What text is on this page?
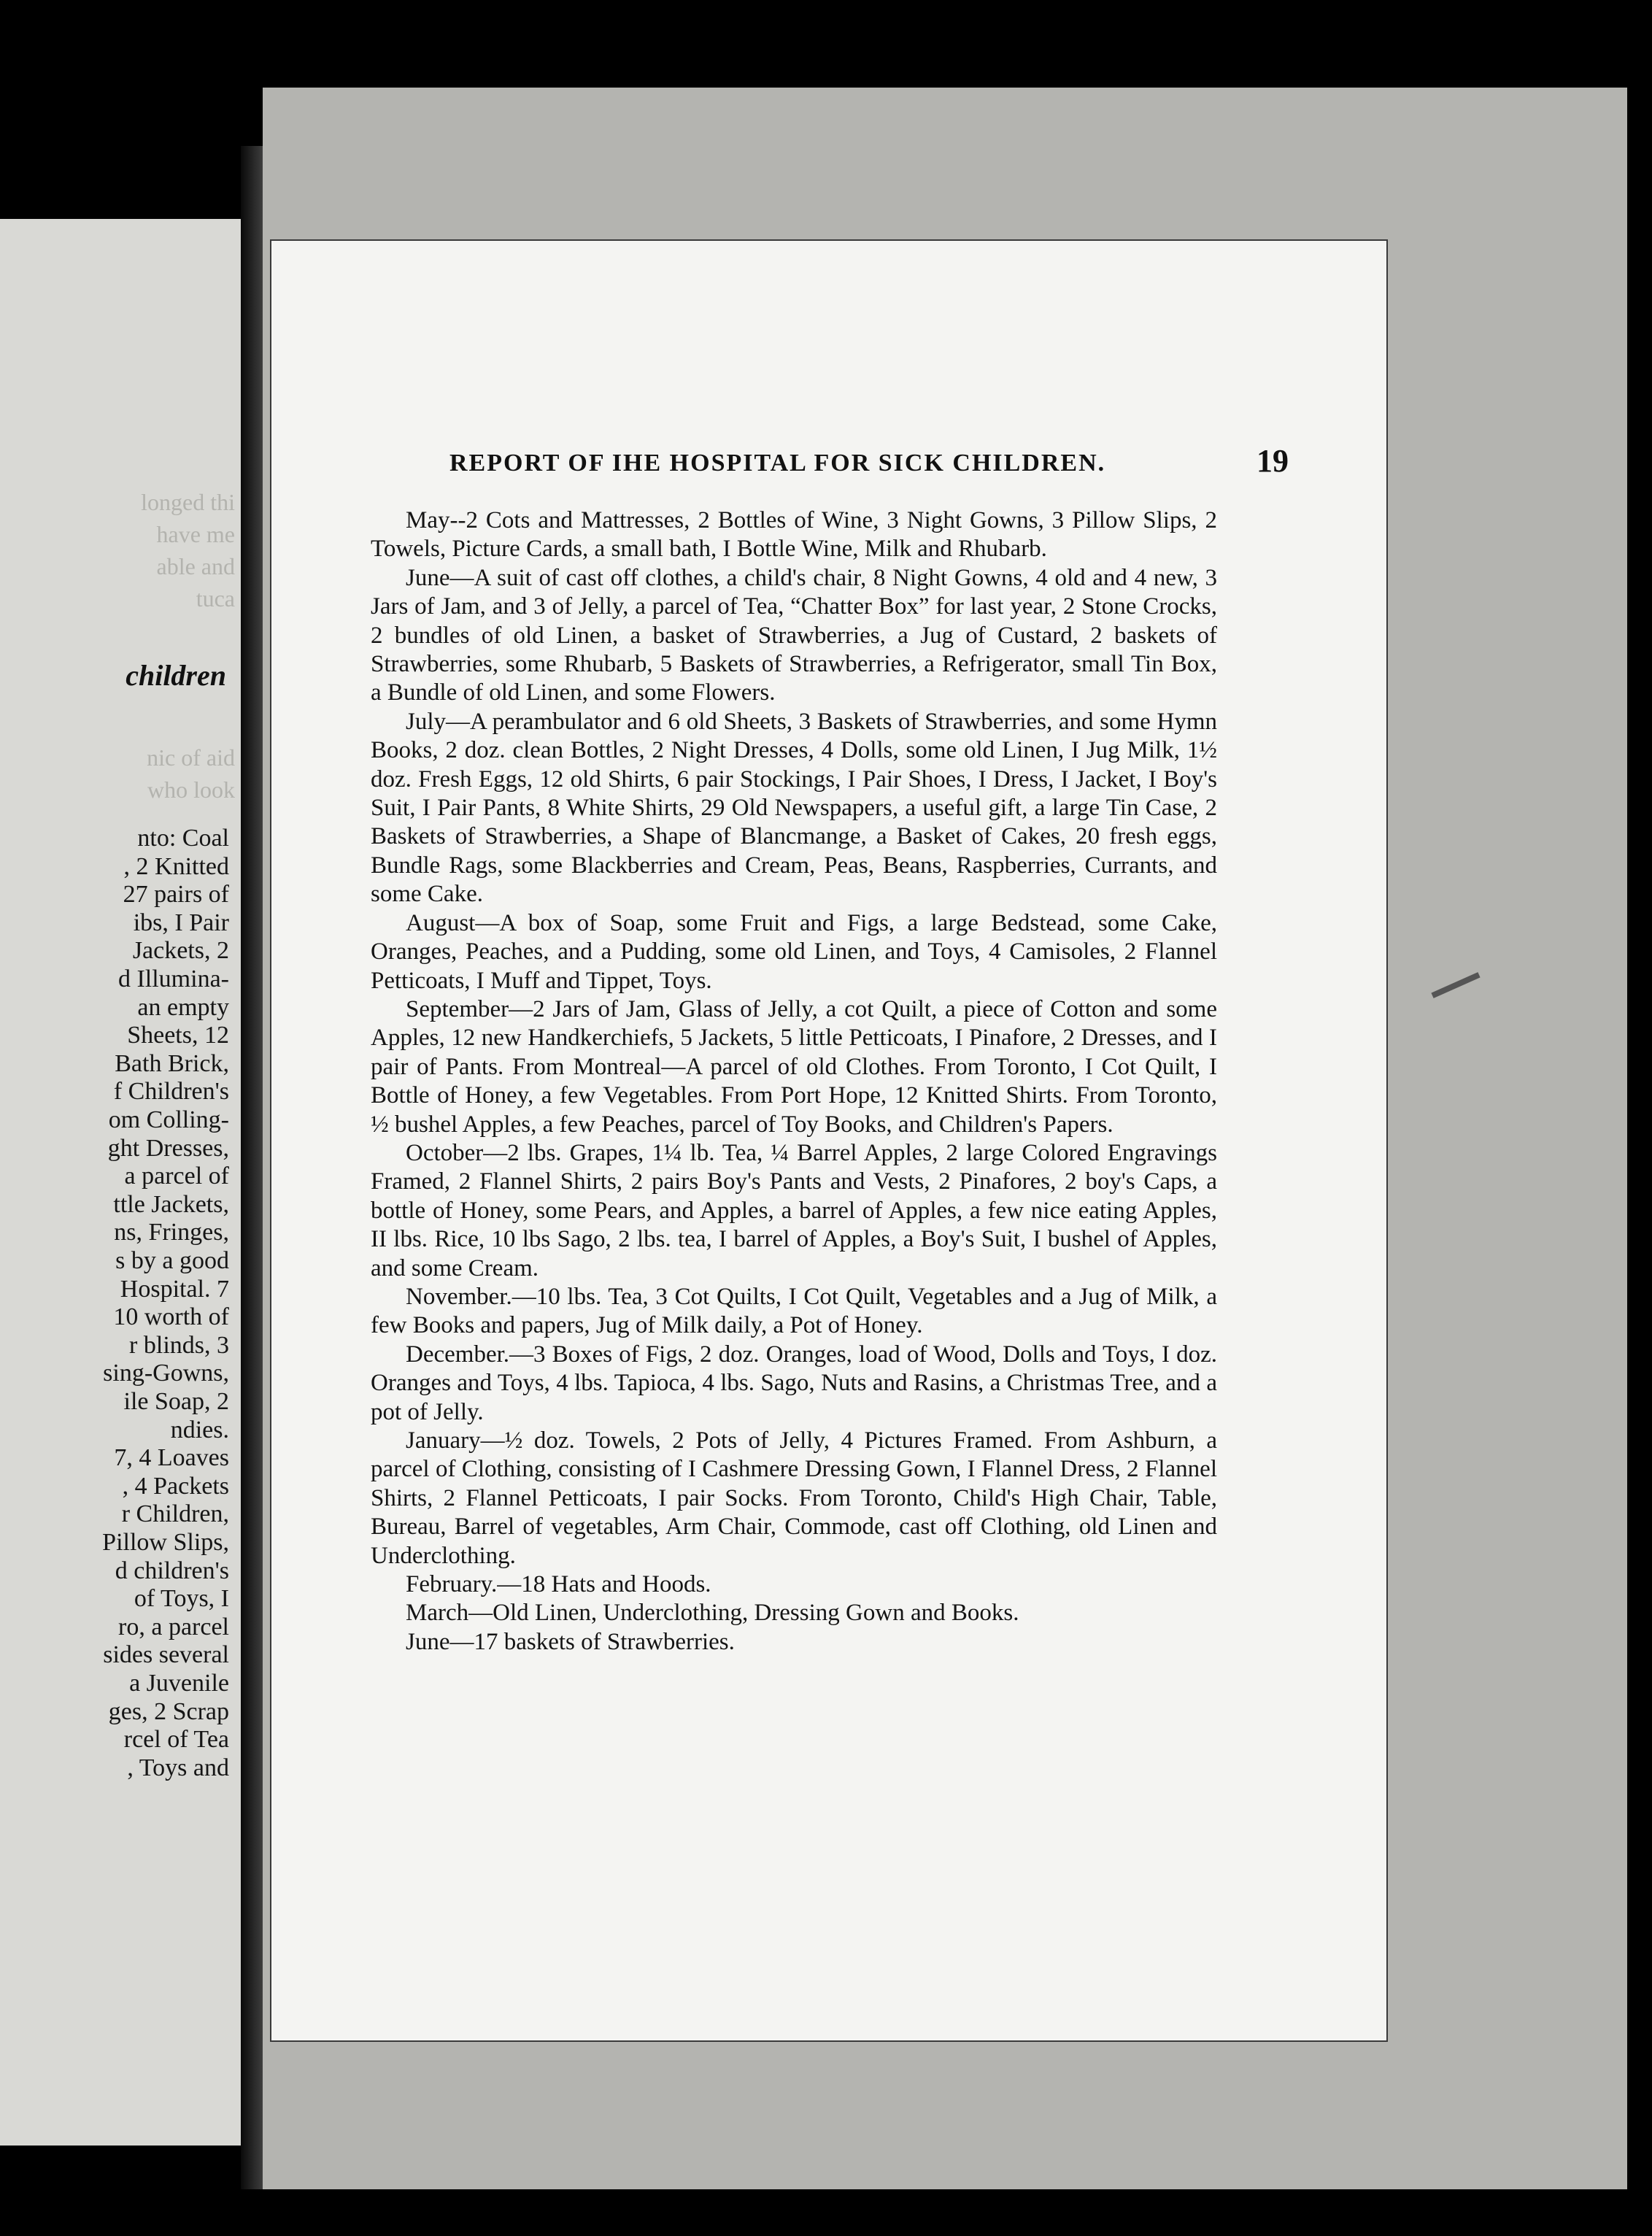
longed thi
have me
able and
tuca
children
nic of aid
who look
nto: Coal
, 2 Knitted
27 pairs of
ibs, I Pair
Jackets, 2
d Illumina-
an empty
Sheets, 12
Bath Brick,
f Children's
om Colling-
ght Dresses,
a parcel of
ttle Jackets,
ns, Fringes,
s by a good
Hospital. 7
10 worth of
r blinds, 3
sing-Gowns,
ile Soap, 2
ndies.
7, 4 Loaves
, 4 Packets
r Children,
Pillow Slips,
d children's
of Toys, I
ro, a parcel
sides several
a Juvenile
ges, 2 Scrap
rcel of Tea
, Toys and
REPORT OF IHE HOSPITAL FOR SICK CHILDREN.	19

May--2 Cots and Mattresses, 2 Bottles of Wine, 3 Night Gowns, 3 Pillow Slips, 2 Towels, Picture Cards, a small bath, I Bottle Wine, Milk and Rhubarb.

June—A suit of cast off clothes, a child's chair, 8 Night Gowns, 4 old and 4 new, 3 Jars of Jam, and 3 of Jelly, a parcel of Tea, “Chatter Box” for last year, 2 Stone Crocks, 2 bundles of old Linen, a basket of Strawberries, a Jug of Custard, 2 baskets of Strawberries, some Rhubarb, 5 Baskets of Strawberries, a Refrigerator, small Tin Box, a Bundle of old Linen, and some Flowers.

July—A perambulator and 6 old Sheets, 3 Baskets of Strawberries, and some Hymn Books, 2 doz. clean Bottles, 2 Night Dresses, 4 Dolls, some old Linen, I Jug Milk, 1½ doz. Fresh Eggs, 12 old Shirts, 6 pair Stockings, I Pair Shoes, I Dress, I Jacket, I Boy's Suit, I Pair Pants, 8 White Shirts, 29 Old Newspapers, a useful gift, a large Tin Case, 2 Baskets of Strawberries, a Shape of Blancmange, a Basket of Cakes, 20 fresh eggs, Bundle Rags, some Blackberries and Cream, Peas, Beans, Raspberries, Currants, and some Cake.

August—A box of Soap, some Fruit and Figs, a large Bedstead, some Cake, Oranges, Peaches, and a Pudding, some old Linen, and Toys, 4 Camisoles, 2 Flannel Petticoats, I Muff and Tippet, Toys.

September—2 Jars of Jam, Glass of Jelly, a cot Quilt, a piece of Cotton and some Apples, 12 new Handkerchiefs, 5 Jackets, 5 little Petticoats, I Pinafore, 2 Dresses, and I pair of Pants. From Montreal—A parcel of old Clothes. From Toronto, I Cot Quilt, I Bottle of Honey, a few Vegetables. From Port Hope, 12 Knitted Shirts. From Toronto, ½ bushel Apples, a few Peaches, parcel of Toy Books, and Children's Papers.

October—2 lbs. Grapes, 1¼ lb. Tea, ¼ Barrel Apples, 2 large Colored Engravings Framed, 2 Flannel Shirts, 2 pairs Boy's Pants and Vests, 2 Pinafores, 2 boy's Caps, a bottle of Honey, some Pears, and Apples, a barrel of Apples, a few nice eating Apples, II lbs. Rice, 10 lbs Sago, 2 lbs. tea, I barrel of Apples, a Boy's Suit, I bushel of Apples, and some Cream.

November.—10 lbs. Tea, 3 Cot Quilts, I Cot Quilt, Vegetables and a Jug of Milk, a few Books and papers, Jug of Milk daily, a Pot of Honey.

December.—3 Boxes of Figs, 2 doz. Oranges, load of Wood, Dolls and Toys, I doz. Oranges and Toys, 4 lbs. Tapioca, 4 lbs. Sago, Nuts and Rasins, a Christmas Tree, and a pot of Jelly.

January—½ doz. Towels, 2 Pots of Jelly, 4 Pictures Framed. From Ashburn, a parcel of Clothing, consisting of I Cashmere Dressing Gown, I Flannel Dress, 2 Flannel Shirts, 2 Flannel Petticoats, I pair Socks. From Toronto, Child's High Chair, Table, Bureau, Barrel of vegetables, Arm Chair, Commode, cast off Clothing, old Linen and Underclothing.

February.—18 Hats and Hoods.

March—Old Linen, Underclothing, Dressing Gown and Books.

June—17 baskets of Strawberries.
